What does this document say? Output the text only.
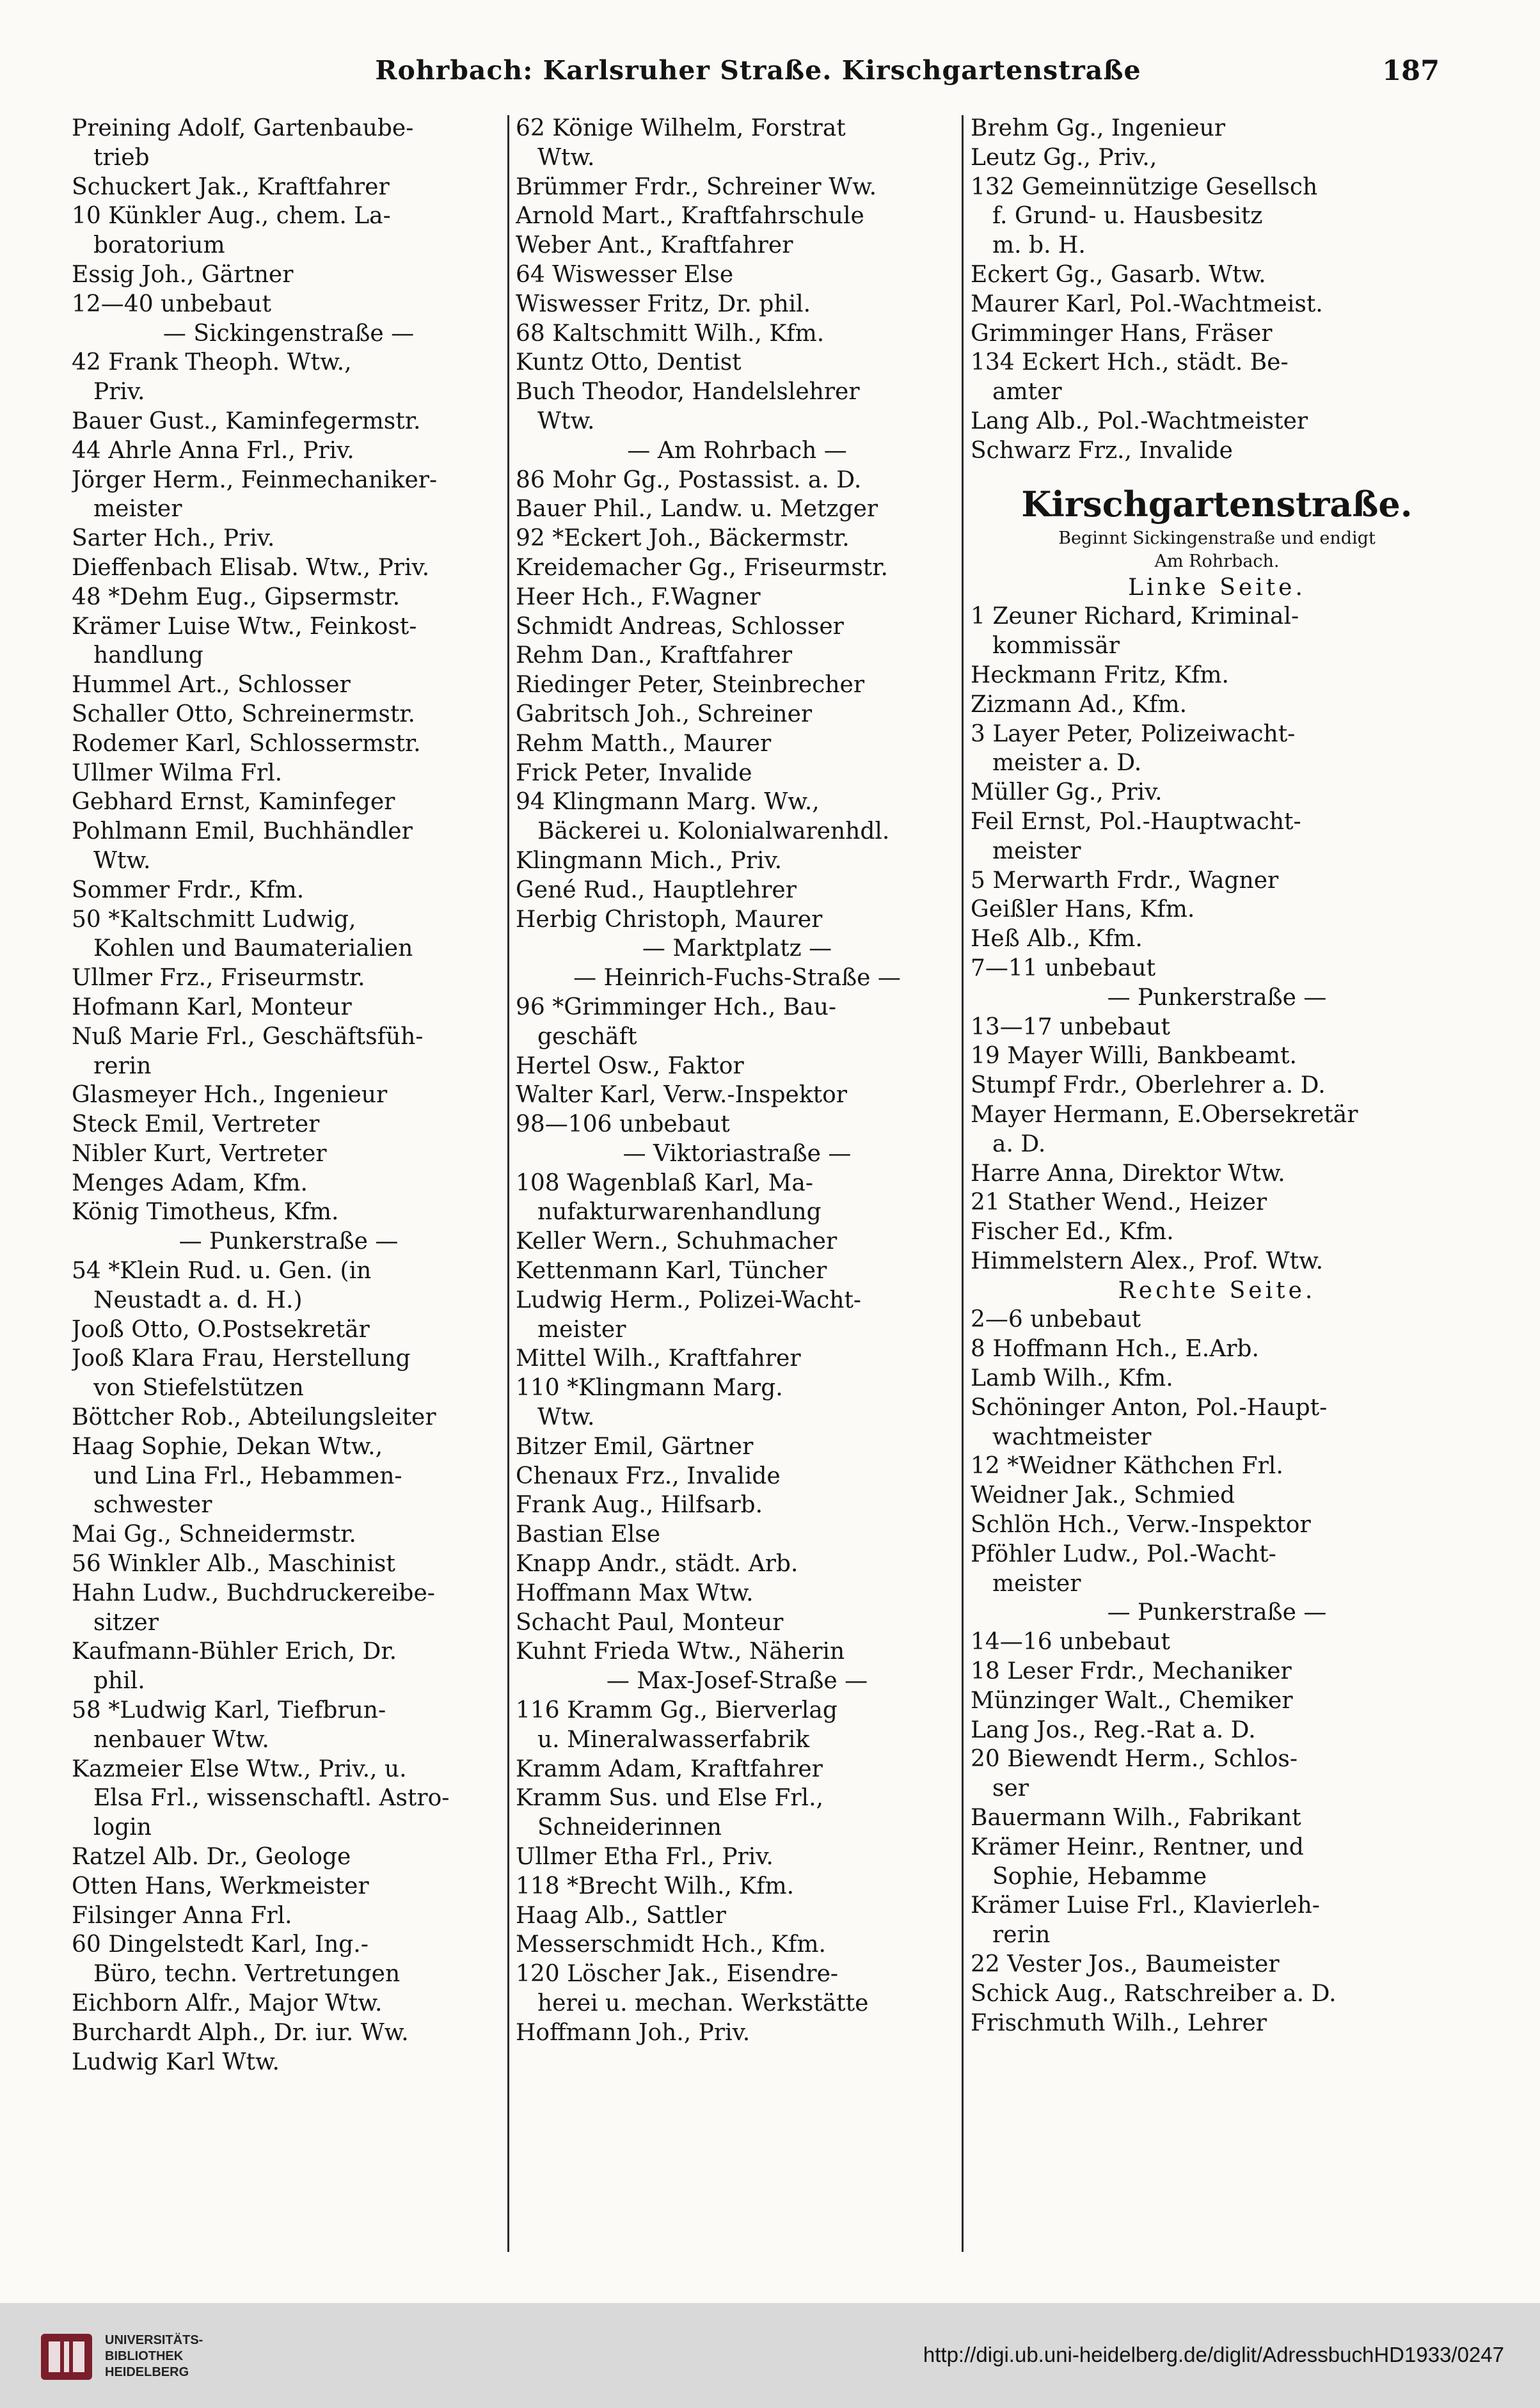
Rohrbach: Karlsruher Straße. Kirschgartenstraße	187
Preining Adolf, Gartenbaube-
trieb
Schuckert Jak., Kraftfahrer
10 Künkler Aug., chem. La-
boratorium
Essig Joh., Gärtner
12—40 unbebaut
— Sickingenstraße —
42 Frank Theoph. Wtw.,
Priv.
Bauer Gust., Kaminfegermstr.
44 Ahrle Anna Frl., Priv.
Jörger Herm., Feinmechaniker-
meister
Sarter Hch., Priv.
Dieffenbach Elisab. Wtw., Priv.
48 *Dehm Eug., Gipsermstr.
Krämer Luise Wtw., Feinkost-
handlung
Hummel Art., Schlosser
Schaller Otto, Schreinermstr.
Rodemer Karl, Schlossermstr.
Ullmer Wilma Frl.
Gebhard Ernst, Kaminfeger
Pohlmann Emil, Buchhändler
Wtw.
Sommer Frdr., Kfm.
50 *Kaltschmitt Ludwig,
Kohlen und Baumaterialien
Ullmer Frz., Friseurmstr.
Hofmann Karl, Monteur
Nuß Marie Frl., Geschäftsfüh-
rerin
Glasmeyer Hch., Ingenieur
Steck Emil, Vertreter
Nibler Kurt, Vertreter
Menges Adam, Kfm.
König Timotheus, Kfm.
— Punkerstraße —
54 *Klein Rud. u. Gen. (in
Neustadt a. d. H.)
Jooß Otto, O.Postsekretär
Jooß Klara Frau, Herstellung
von Stiefelstützen
Böttcher Rob., Abteilungsleiter
Haag Sophie, Dekan Wtw.,
und Lina Frl., Hebammen-
schwester
Mai Gg., Schneidermstr.
56 Winkler Alb., Maschinist
Hahn Ludw., Buchdruckereibe-
sitzer
Kaufmann-Bühler Erich, Dr.
phil.
58 *Ludwig Karl, Tiefbrun-
nenbauer Wtw.
Kazmeier Else Wtw., Priv., u.
Elsa Frl., wissenschaftl. Astro-
login
Ratzel Alb. Dr., Geologe
Otten Hans, Werkmeister
Filsinger Anna Frl.
60 Dingelstedt Karl, Ing.-
Büro, techn. Vertretungen
Eichborn Alfr., Major Wtw.
Burchardt Alph., Dr. iur. Ww.
Ludwig Karl Wtw.
62 Könige Wilhelm, Forstrat
Wtw.
Brümmer Frdr., Schreiner Ww.
Arnold Mart., Kraftfahrschule
Weber Ant., Kraftfahrer
64 Wiswesser Else
Wiswesser Fritz, Dr. phil.
68 Kaltschmitt Wilh., Kfm.
Kuntz Otto, Dentist
Buch Theodor, Handelslehrer
Wtw.
— Am Rohrbach —
86 Mohr Gg., Postassist. a. D.
Bauer Phil., Landw. u. Metzger
92 *Eckert Joh., Bäckermstr.
Kreidemacher Gg., Friseurmstr.
Heer Hch., F.Wagner
Schmidt Andreas, Schlosser
Rehm Dan., Kraftfahrer
Riedinger Peter, Steinbrecher
Gabritsch Joh., Schreiner
Rehm Matth., Maurer
Frick Peter, Invalide
94 Klingmann Marg. Ww.,
Bäckerei u. Kolonialwarenhdl.
Klingmann Mich., Priv.
Gené Rud., Hauptlehrer
Herbig Christoph, Maurer
— Marktplatz —
— Heinrich-Fuchs-Straße —
96 *Grimminger Hch., Bau-
geschäft
Hertel Osw., Faktor
Walter Karl, Verw.-Inspektor
98—106 unbebaut
— Viktoriastraße —
108 Wagenblaß Karl, Ma-
nufakturwarenhandlung
Keller Wern., Schuhmacher
Kettenmann Karl, Tüncher
Ludwig Herm., Polizei-Wacht-
meister
Mittel Wilh., Kraftfahrer
110 *Klingmann Marg.
Wtw.
Bitzer Emil, Gärtner
Chenaux Frz., Invalide
Frank Aug., Hilfsarb.
Bastian Else
Knapp Andr., städt. Arb.
Hoffmann Max Wtw.
Schacht Paul, Monteur
Kuhnt Frieda Wtw., Näherin
— Max-Josef-Straße —
116 Kramm Gg., Bierverlag
u. Mineralwasserfabrik
Kramm Adam, Kraftfahrer
Kramm Sus. und Else Frl.,
Schneiderinnen
Ullmer Etha Frl., Priv.
118 *Brecht Wilh., Kfm.
Haag Alb., Sattler
Messerschmidt Hch., Kfm.
120 Löscher Jak., Eisendre-
herei u. mechan. Werkstätte
Hoffmann Joh., Priv.
Brehm Gg., Ingenieur
Leutz Gg., Priv.,
132 Gemeinnützige Gesellsch
f. Grund- u. Hausbesitz
m. b. H.
Eckert Gg., Gasarb. Wtw.
Maurer Karl, Pol.-Wachtmeist.
Grimminger Hans, Fräser
134 Eckert Hch., städt. Be-
amter
Lang Alb., Pol.-Wachtmeister
Schwarz Frz., Invalide
Kirschgartenstraße.
Beginnt Sickingenstraße und endigt
Am Rohrbach.
Linke Seite.
1 Zeuner Richard, Kriminal-
kommissär
Heckmann Fritz, Kfm.
Zizmann Ad., Kfm.
3 Layer Peter, Polizeiwacht-
meister a. D.
Müller Gg., Priv.
Feil Ernst, Pol.-Hauptwacht-
meister
5 Merwarth Frdr., Wagner
Geißler Hans, Kfm.
Heß Alb., Kfm.
7—11 unbebaut
— Punkerstraße —
13—17 unbebaut
19 Mayer Willi, Bankbeamt.
Stumpf Frdr., Oberlehrer a. D.
Mayer Hermann, E.Obersekretär
a. D.
Harre Anna, Direktor Wtw.
21 Stather Wend., Heizer
Fischer Ed., Kfm.
Himmelstern Alex., Prof. Wtw.
Rechte Seite.
2—6 unbebaut
8 Hoffmann Hch., E.Arb.
Lamb Wilh., Kfm.
Schöninger Anton, Pol.-Haupt-
wachtmeister
12 *Weidner Käthchen Frl.
Weidner Jak., Schmied
Schlön Hch., Verw.-Inspektor
Pföhler Ludw., Pol.-Wacht-
meister
— Punkerstraße —
14—16 unbebaut
18 Leser Frdr., Mechaniker
Münzinger Walt., Chemiker
Lang Jos., Reg.-Rat a. D.
20 Biewendt Herm., Schlos-
ser
Bauermann Wilh., Fabrikant
Krämer Heinr., Rentner, und
Sophie, Hebamme
Krämer Luise Frl., Klavierleh-
rerin
22 Vester Jos., Baumeister
Schick Aug., Ratschreiber a. D.
Frischmuth Wilh., Lehrer
UNIVERSITÄTS-
BIBLIOTHEK
HEIDELBERG
http://digi.ub.uni-heidelberg.de/diglit/AdressbuchHD1933/0247
